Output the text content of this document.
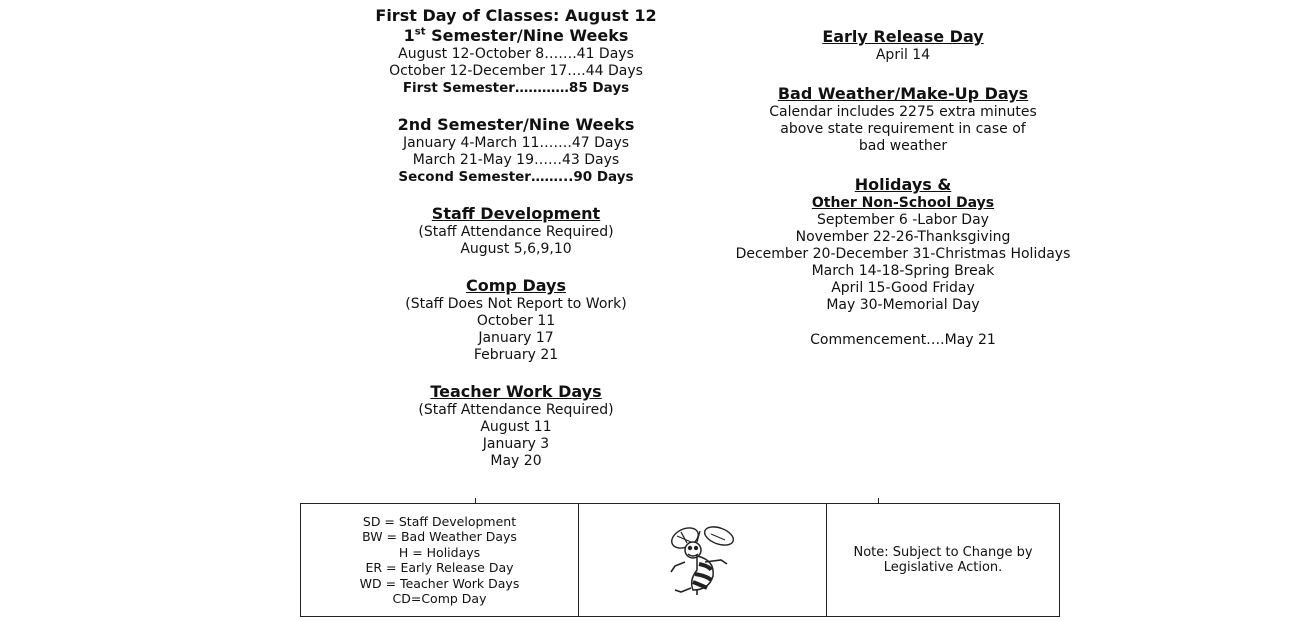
First Day of Classes: August 12
1st Semester/Nine Weeks
August 12-October 8…….41 Days
October 12-December 17….44 Days
First Semester…………85 Days
2nd Semester/Nine Weeks
January 4-March 11…….47 Days
March 21-May 19……43 Days
Second Semester……...90 Days
Staff Development
(Staff Attendance Required)
August 5,6,9,10
Comp Days
(Staff Does Not Report to Work)
October 11
January 17
February 21
Teacher Work Days
(Staff Attendance Required)
August 11
January 3
May 20
Early Release Day
April 14
Bad Weather/Make-Up Days
Calendar includes 2275 extra minutes
above state requirement in case of
bad weather
Holidays &
Other Non-School Days
September 6 -Labor Day
November 22-26-Thanksgiving
December 20-December 31-Christmas Holidays
March 14-18-Spring Break
April 15-Good Friday
May 30-Memorial Day
Commencement….May 21
SD = Staff Development
BW = Bad Weather Days
H = Holidays
ER = Early Release Day
WD = Teacher Work Days
CD=Comp Day
Note: Subject to Change by
Legislative Action.
